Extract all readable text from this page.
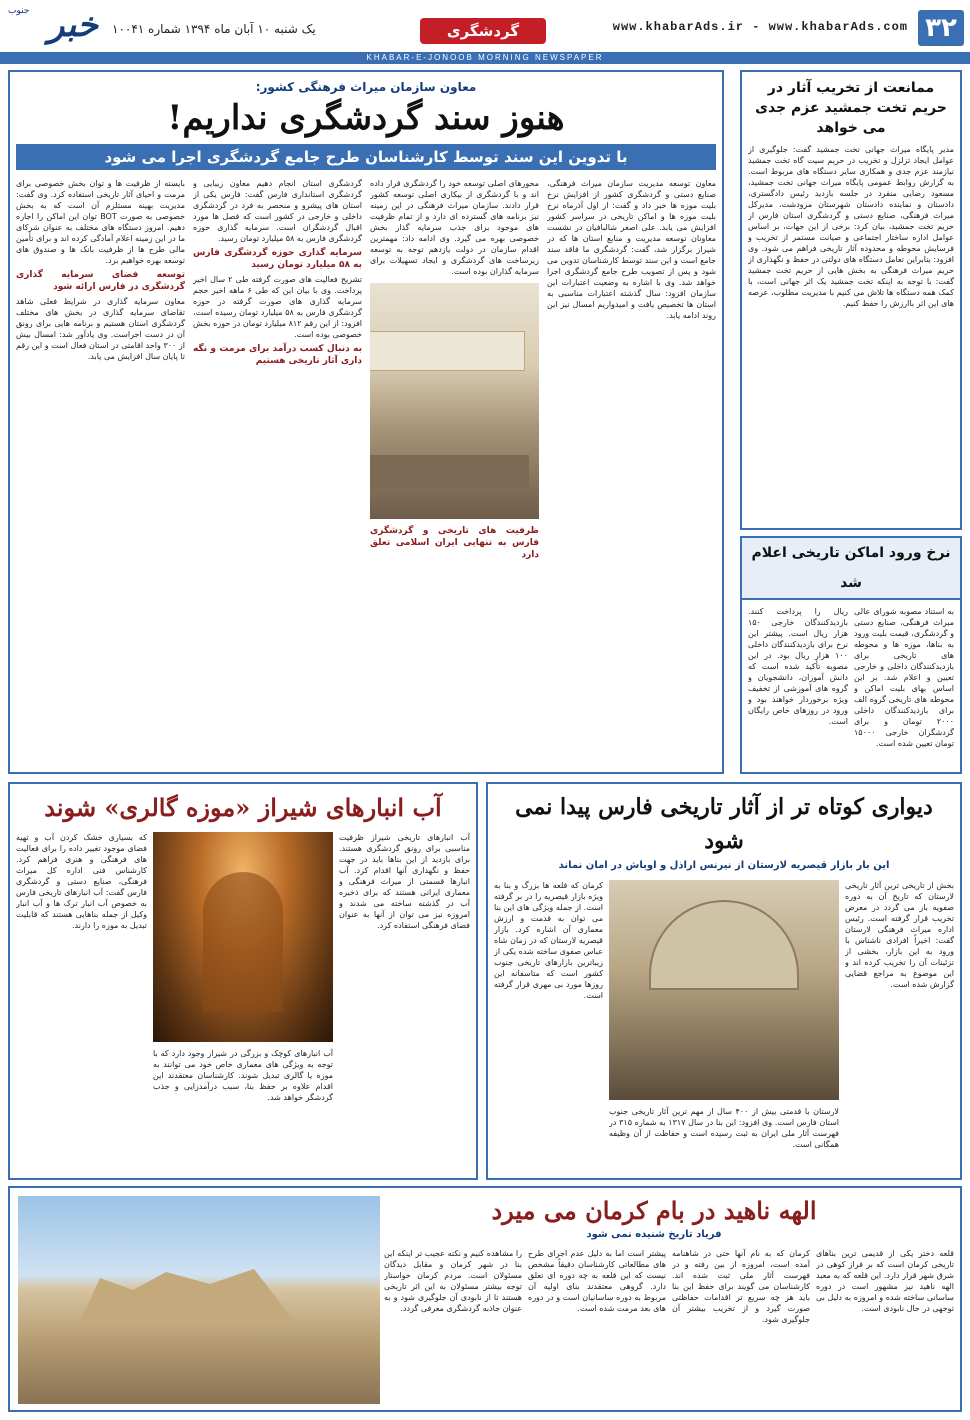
۳۲
www.khabarAds.ir - www.khabarAds.com
گردشگری
یک شنبه ۱۰ آبان ماه ۱۳۹۴ شماره ۱۰۰۴۱
جنوب خبر
KHABAR-E-JONOOB MORNING NEWSPAPER
ممانعت از تخریب آثار در حریم تخت جمشید عزم جدی می خواهد
مدیر پایگاه میراث جهانی تخت جمشید گفت: جلوگیری از عوامل ایجاد تزلزل و تخریب در حریم سیت گاه تخت جمشید نیازمند عزم جدی و همکاری سایر دستگاه های مربوط است. به گزارش روابط عمومی پایگاه میراث جهانی تخت جمشید، مسعود رضایی منفرد در جلسه بازدید رئیس دادگستری، دادستان و نماینده دادستان شهرستان مرودشت، مدیرکل میراث فرهنگی، صنایع دستی و گردشگری استان فارس از حریم تخت جمشید، بیان کرد: برخی از این جهات، بر اساس عوامل اداره ساختار اجتماعی و صیانت مستمر از تخریب و فرسایش محوطه و محدوده آثار تاریخی فراهم می شود. وی افزود: بنابراین تعامل دستگاه های دولتی در حفظ و نگهداری از حریم میراث فرهنگی به بخش هایی از حریم تخت جمشید گفت: با توجه به اینکه تخت جمشید یک اثر جهانی است، با کمک همه دستگاه ها تلاش می کنیم با مدیریت مطلوب، عرصه های این اثر باارزش را حفظ کنیم.
نرخ ورود اماکن تاریخی اعلام شد
به استناد مصوبه شورای عالی میراث فرهنگی، صنایع دستی و گردشگری، قیمت بلیت ورود به بناها، موزه ها و محوطه های تاریخی برای بازدیدکنندگان داخلی و خارجی تعیین و اعلام شد. بر این اساس بهای بلیت اماکن و محوطه های تاریخی گروه الف برای بازدیدکنندگان داخلی ۲۰۰۰ تومان و برای گردشگران خارجی ۱۵۰۰۰ تومان تعیین شده است.
ریال را پرداخت کنند. بازدیدکنندگان خارجی ۱۵۰ هزار ریال است. پیشتر این نرخ برای بازدیدکنندگان داخلی ۱۰۰ هزار ریال بود. در این مصوبه تأکید شده است که دانش آموزان، دانشجویان و گروه های آموزشی از تخفیف ویژه برخوردار خواهند بود و ورود در روزهای خاص رایگان است.
معاون سازمان میراث فرهنگی کشور:
هنوز سند گردشگری نداریم!
با تدوین این سند توسط کارشناسان طرح جامع گردشگری اجرا می شود

معاون توسعه مدیریت سازمان میراث فرهنگی، صنایع دستی و گردشگری کشور از افزایش نرخ بلیت موزه ها خبر داد و گفت: از اول آذرماه نرخ بلیت موزه ها و اماکن تاریخی در سراسر کشور افزایش می یابد. علی اصغر شالبافیان در نشست معاونان توسعه مدیریت و منابع استان ها که در شیراز برگزار شد، گفت: گردشگری ما فاقد سند جامع است و این سند توسط کارشناسان تدوین می شود و پس از تصویب طرح جامع گردشگری اجرا خواهد شد. وی با اشاره به وضعیت اعتبارات این سازمان افزود: سال گذشته اعتبارات مناسبی به استان ها تخصیص یافت و امیدواریم امسال نیز این روند ادامه یابد.

محورهای اصلی توسعه خود را گردشگری قرار داده اند و با گردشگری از بیکاری اصلی توسعه کشور قرار دادند. سازمان میراث فرهنگی در این زمینه نیز برنامه های گسترده ای دارد و از تمام ظرفیت های موجود برای جذب سرمایه گذار بخش خصوصی بهره می گیرد. وی ادامه داد: مهمترین اقدام سازمان در دولت یازدهم توجه به توسعه زیرساخت های گردشگری و ایجاد تسهیلات برای سرمایه گذاران بوده است.

ظرفیت های تاریخی و گردشگری فارس به تنهایی ایران اسلامی تعلق دارد

گردشگری استان انجام دهیم معاون زیبایی و گردشگری استانداری فارس گفت: فارس یکی از استان های پیشرو و منحصر به فرد در گردشگری داخلی و خارجی در کشور است که فصل ها مورد اقبال گردشگران است. سرمایه گذاری حوزه گردشگری فارس به ۵۸ میلیارد تومان رسید.

سرمایه گذاری حوزه گردشگری فارس به ۵۸ میلیارد تومان رسید

تشریح فعالیت های صورت گرفته طی ۲ سال اخیر پرداخت. وی با بیان این که طی ۶ ماهه اخیر حجم سرمایه گذاری های صورت گرفته در حوزه گردشگری فارس به ۵۸ میلیارد تومان رسیده است، افزود: از این رقم ۸۱۲ میلیارد تومان در حوزه بخش خصوصی بوده است.

به دنبال کسب درآمد برای مرمت و نگه داری آثار تاریخی هستیم

بایسته از ظرفیت ها و توان بخش خصوصی برای مرمت و احیای آثار تاریخی استفاده کرد. وی گفت: مدیریت بهینه مستلزم آن است که به بخش خصوصی به صورت BOT توان این اماکن را اجاره دهیم. امروز دستگاه های مختلف به عنوان شرکای ما در این زمینه اعلام آمادگی کرده اند و برای تأمین مالی طرح ها از ظرفیت بانک ها و صندوق های توسعه بهره خواهیم برد.

توسعه فضای سرمایه گذاری گردشگری در فارس ارائه شود

معاون سرمایه گذاری در شرایط فعلی شاهد تقاضای سرمایه گذاری در بخش های مختلف گردشگری استان هستیم و برنامه هایی برای رونق آن در دست اجراست. وی یادآور شد: امسال بیش از ۳۰۰ واحد اقامتی در استان فعال است و این رقم تا پایان سال افزایش می یابد.

دیواری کوتاه تر از آثار تاریخی فارس پیدا نمی شود
این بار بازار قیصریه لارستان از نیرنس اراذل و اوباش در امان نماند
بخش از تاریخی ترین آثار تاریخی لارستان که تاریخ آن به دوره صفویه باز می گردد در معرض تخریب قرار گرفته است. رئیس اداره میراث فرهنگی لارستان گفت: اخیراً افرادی ناشناس با ورود به این بازار، بخشی از تزئینات آن را تخریب کرده اند و این موضوع به مراجع قضایی گزارش شده است.
لارستان با قدمتی بیش از ۴۰۰ سال از مهم ترین آثار تاریخی جنوب استان فارس است. وی افزود: این بنا در سال ۱۳۱۷ به شماره ۳۱۵ در فهرست آثار ملی ایران به ثبت رسیده است و حفاظت از آن وظیفه همگانی است.
کرمان که قلعه ها بزرگ و بنا به ویژه بازار قیصریه را در بر گرفته است. از جمله ویژگی های این بنا می توان به قدمت و ارزش معماری آن اشاره کرد. بازار قیصریه لارستان که در زمان شاه عباس صفوی ساخته شده یکی از زیباترین بازارهای تاریخی جنوب کشور است که متاسفانه این روزها مورد بی مهری قرار گرفته است.
آب انبارهای شیراز «موزه گالری» شوند
آب انبارهای تاریخی شیراز ظرفیت مناسبی برای رونق گردشگری هستند. برای بازدید از این بناها باید در جهت حفظ و نگهداری آنها اقدام کرد. آب انبارها قسمتی از میراث فرهنگی و معماری ایرانی هستند که برای ذخیره آب در گذشته ساخته می شدند و امروزه نیز می توان از آنها به عنوان فضای فرهنگی استفاده کرد.
آب انبارهای کوچک و بزرگی در شیراز وجود دارد که با توجه به ویژگی های معماری خاص خود می توانند به موزه یا گالری تبدیل شوند. کارشناسان معتقدند این اقدام علاوه بر حفظ بنا، سبب درآمدزایی و جذب گردشگر خواهد شد.
که بسیاری خشک کردن آب و تهیه فضای موجود تغییر داده را برای فعالیت های فرهنگی و هنری فراهم کرد. کارشناس فنی اداره کل میراث فرهنگی، صنایع دستی و گردشگری فارس گفت: آب انبارهای تاریخی فارس به خصوص آب انبار ترک ها و آب انبار وکیل از جمله بناهایی هستند که قابلیت تبدیل به موزه را دارند.
الهه ناهید در بام کرمان می میرد
فریاد تاریخ شنیده نمی شود
قلعه دختر یکی از قدیمی ترین بناهای تاریخی کرمان است که بر فراز کوهی در شرق شهر قرار دارد. این قلعه که به معبد الهه ناهید نیز مشهور است در دوره ساسانی ساخته شده و امروزه به دلیل بی توجهی در حال نابودی است.
کرمان که به نام آنها حتی در شاهنامه آمده است، امروزه از بین رفته و در فهرست آثار ملی ثبت شده اند. کارشناسان می گویند برای حفظ این بنا باید هر چه سریع تر اقدامات حفاظتی صورت گیرد و از تخریب بیشتر آن جلوگیری شود.
پیشتر است اما به دلیل عدم اجرای طرح های مطالعاتی کارشناسان دقیقاً مشخص نیست که این قلعه به چه دوره ای تعلق دارد. گروهی معتقدند بنای اولیه آن مربوط به دوره ساسانیان است و در دوره های بعد مرمت شده است.
را مشاهده کنیم و نکته عجیب تر اینکه این بنا در شهر کرمان و مقابل دیدگان مسئولان است. مردم کرمان خواستار توجه بیشتر مسئولان به این اثر تاریخی هستند تا از نابودی آن جلوگیری شود و به عنوان جاذبه گردشگری معرفی گردد.
